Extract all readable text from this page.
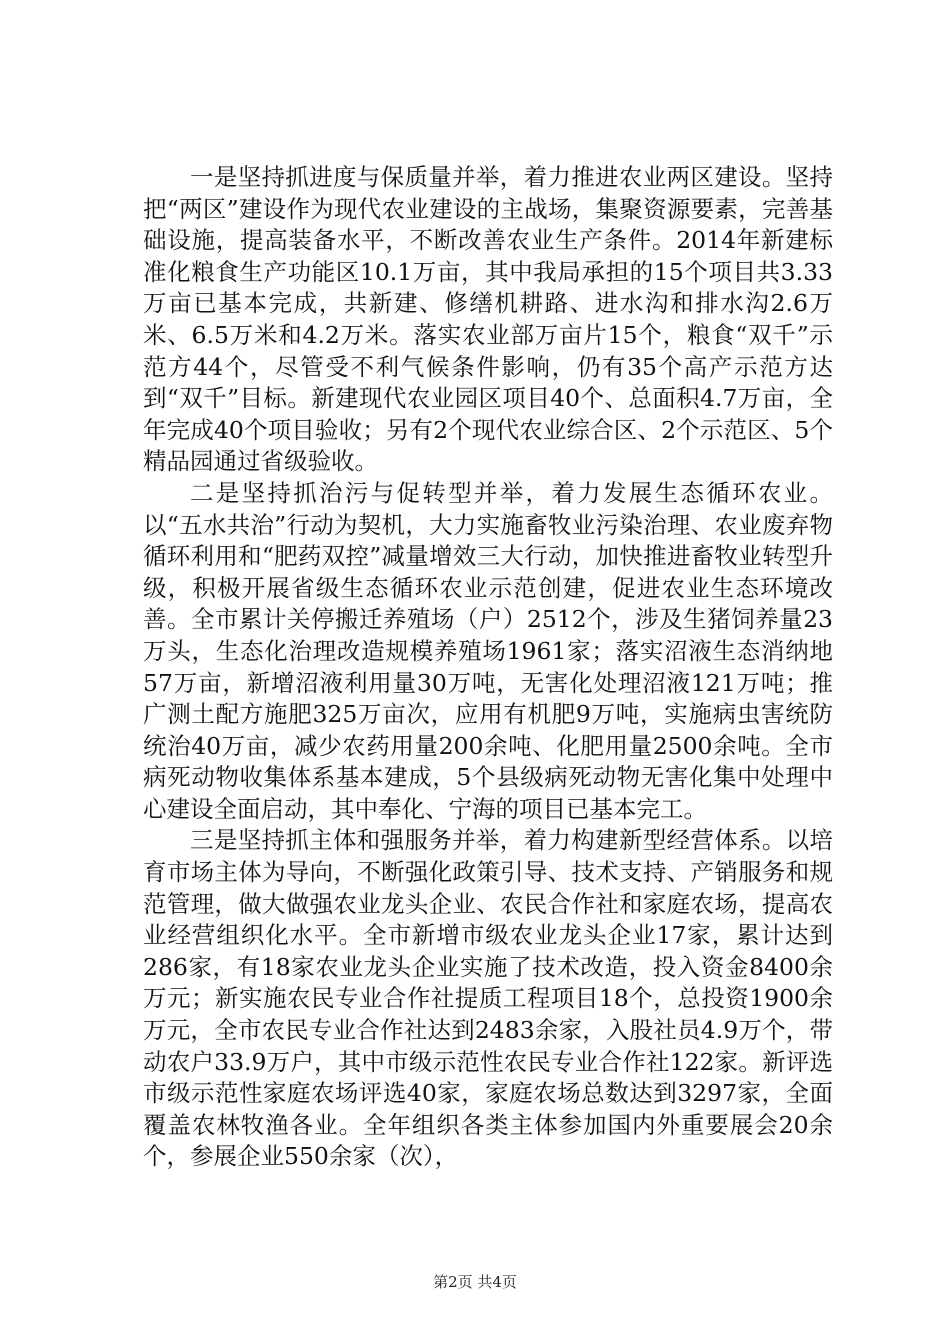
一是坚持抓进度与保质量并举，着力推进农业两区建设。坚持把“两区”建设作为现代农业建设的主战场，集聚资源要素，完善基础设施，提高装备水平，不断改善农业生产条件。2014年新建标准化粮食生产功能区10.1万亩，其中我局承担的15个项目共3.33万亩已基本完成，共新建、修缮机耕路、进水沟和排水沟2.6万米、6.5万米和4.2万米。落实农业部万亩片15个，粮食“双千”示范方44个，尽管受不利气候条件影响，仍有35个高产示范方达到“双千”目标。新建现代农业园区项目40个、总面积4.7万亩，全年完成40个项目验收；另有2个现代农业综合区、2个示范区、5个精品园通过省级验收。

二是坚持抓治污与促转型并举，着力发展生态循环农业。以“五水共治”行动为契机，大力实施畜牧业污染治理、农业废弃物循环利用和“肥药双控”减量增效三大行动，加快推进畜牧业转型升级，积极开展省级生态循环农业示范创建，促进农业生态环境改善。全市累计关停搬迁养殖场（户）2512个，涉及生猪饲养量23万头，生态化治理改造规模养殖场1961家；落实沼液生态消纳地57万亩，新增沼液利用量30万吨，无害化处理沼液121万吨；推广测土配方施肥325万亩次，应用有机肥9万吨，实施病虫害统防统治40万亩，减少农药用量200余吨、化肥用量2500余吨。全市病死动物收集体系基本建成，5个县级病死动物无害化集中处理中心建设全面启动，其中奉化、宁海的项目已基本完工。

三是坚持抓主体和强服务并举，着力构建新型经营体系。以培育市场主体为导向，不断强化政策引导、技术支持、产销服务和规范管理，做大做强农业龙头企业、农民合作社和家庭农场，提高农业经营组织化水平。全市新增市级农业龙头企业17家，累计达到286家，有18家农业龙头企业实施了技术改造，投入资金8400余万元；新实施农民专业合作社提质工程项目18个，总投资1900余万元，全市农民专业合作社达到2483余家，入股社员4.9万个，带动农户33.9万户，其中市级示范性农民专业合作社122家。新评选市级示范性家庭农场评选40家，家庭农场总数达到3297家，全面覆盖农林牧渔各业。全年组织各类主体参加国内外重要展会20余个，参展企业550余家（次），

第2页 共4页
